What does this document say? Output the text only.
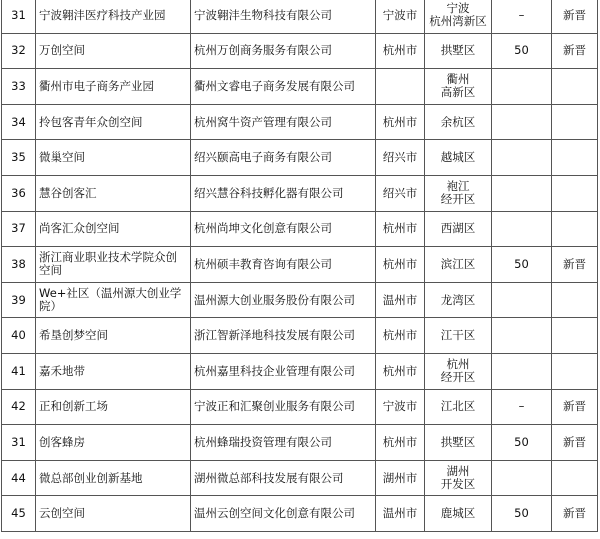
31	宁波翱沣医疗科技产业园	宁波翱沣生物科技有限公司	宁波市	宁波
杭州湾新区	–	新晋
32	万创空间	杭州万创商务服务有限公司	杭州市	拱墅区	50	新晋
33	衢州市电子商务产业园	衢州文睿电子商务发展有限公司		衢州
高新区		

34	拎包客青年众创空间	杭州窝牛资产管理有限公司	杭州市	余杭区		

35	微巢空间	绍兴颐高电子商务有限公司	绍兴市	越城区		

36	慧谷创客汇	绍兴慧谷科技孵化器有限公司	绍兴市	袍江
经开区		

37	尚客汇众创空间	杭州尚坤文化创意有限公司	杭州市	西湖区		

38	浙江商业职业技术学院众创空间	杭州硕丰教育咨询有限公司	杭州市	滨江区	50	新晋
39	We+社区（温州源大创业学院）	温州源大创业服务股份有限公司	温州市	龙湾区		

40	希垦创梦空间	浙江智新泽地科技发展有限公司	杭州市	江干区		

41	嘉禾地带	杭州嘉里科技企业管理有限公司	杭州市	杭州
经开区		

42	正和创新工场	宁波正和汇聚创业服务有限公司	宁波市	江北区	–	新晋
31	创客蜂房	杭州蜂瑞投资管理有限公司	杭州市	拱墅区	50	新晋
44	微总部创业创新基地	湖州微总部科技发展有限公司	湖州市	湖州
开发区		

45	云创空间	温州云创空间文化创意有限公司	温州市	鹿城区	50	新晋
